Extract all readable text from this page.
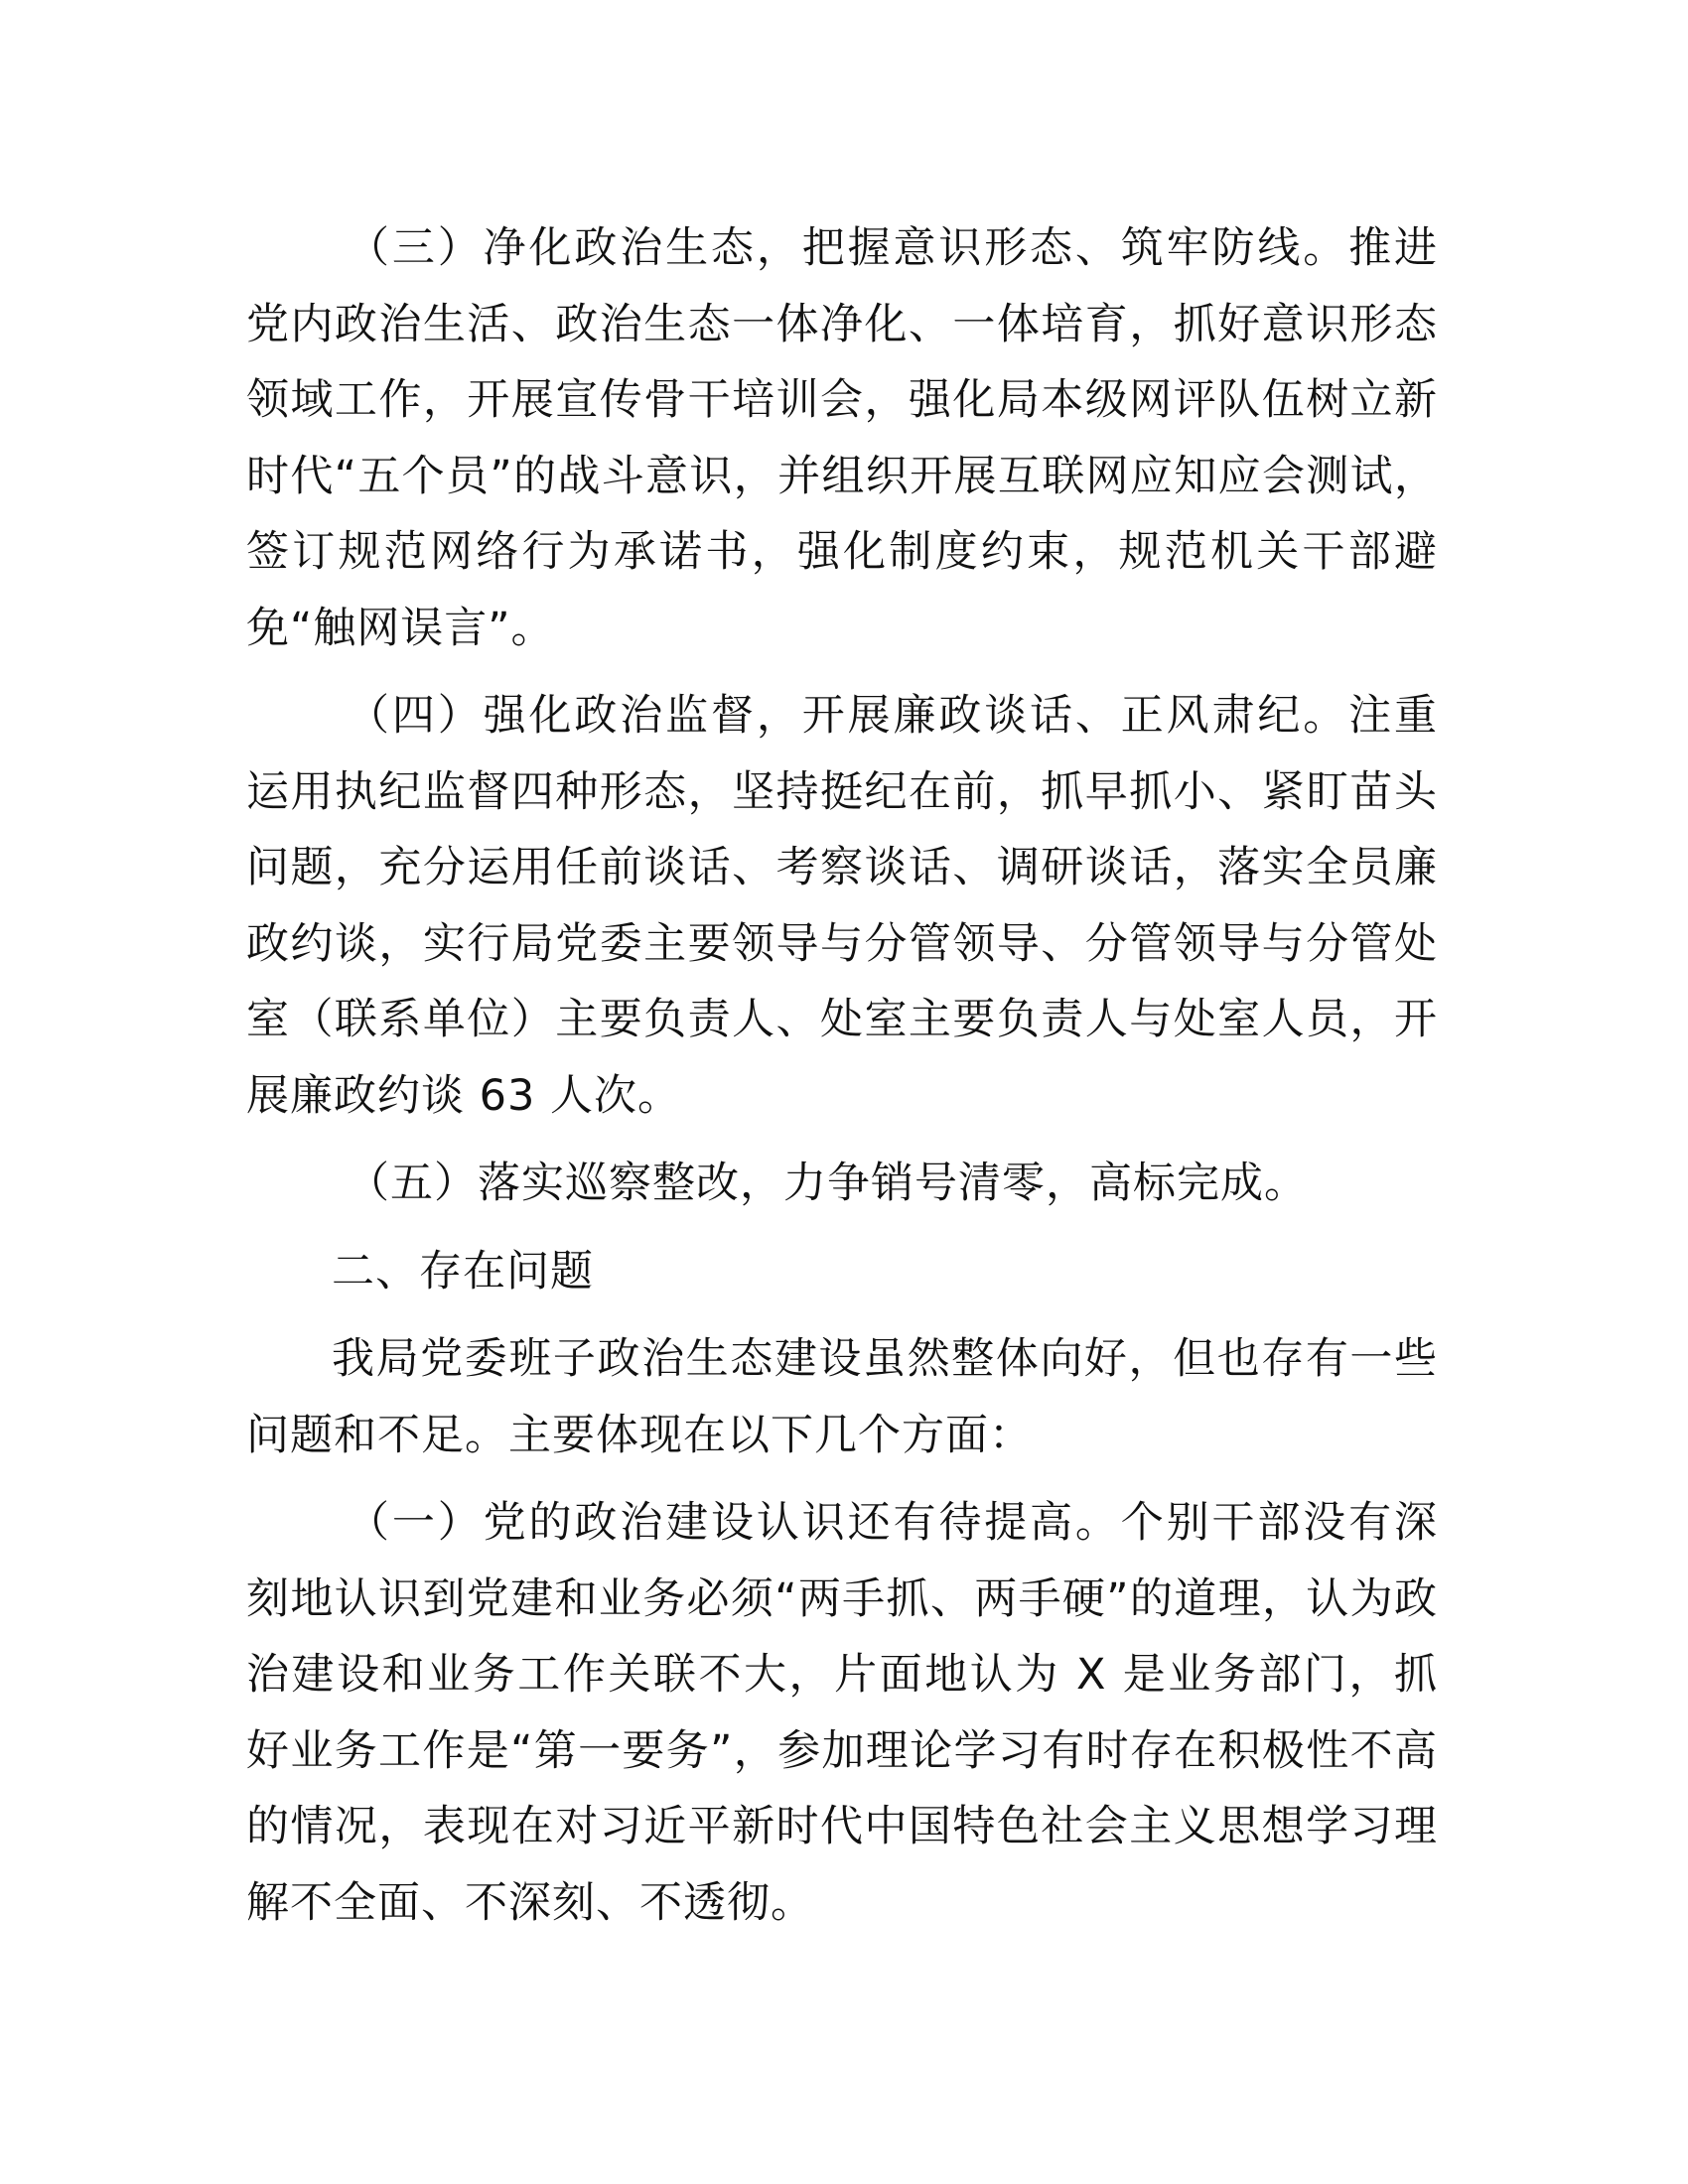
（三）净化政治生态，把握意识形态、筑牢防线。推进党内政治生活、政治生态一体净化、一体培育，抓好意识形态领域工作，开展宣传骨干培训会，强化局本级网评队伍树立新时代“五个员”的战斗意识，并组织开展互联网应知应会测试，签订规范网络行为承诺书，强化制度约束，规范机关干部避免“触网误言”。

（四）强化政治监督，开展廉政谈话、正风肃纪。注重运用执纪监督四种形态，坚持挺纪在前，抓早抓小、紧盯苗头问题，充分运用任前谈话、考察谈话、调研谈话，落实全员廉政约谈，实行局党委主要领导与分管领导、分管领导与分管处室（联系单位）主要负责人、处室主要负责人与处室人员，开展廉政约谈 63 人次。

（五）落实巡察整改，力争销号清零，高标完成。

二、存在问题

我局党委班子政治生态建设虽然整体向好，但也存有一些问题和不足。主要体现在以下几个方面：

（一）党的政治建设认识还有待提高。个别干部没有深刻地认识到党建和业务必须“两手抓、两手硬”的道理，认为政治建设和业务工作关联不大，片面地认为 X 是业务部门，抓好业务工作是“第一要务”，参加理论学习有时存在积极性不高的情况，表现在对习近平新时代中国特色社会主义思想学习理解不全面、不深刻、不透彻。
